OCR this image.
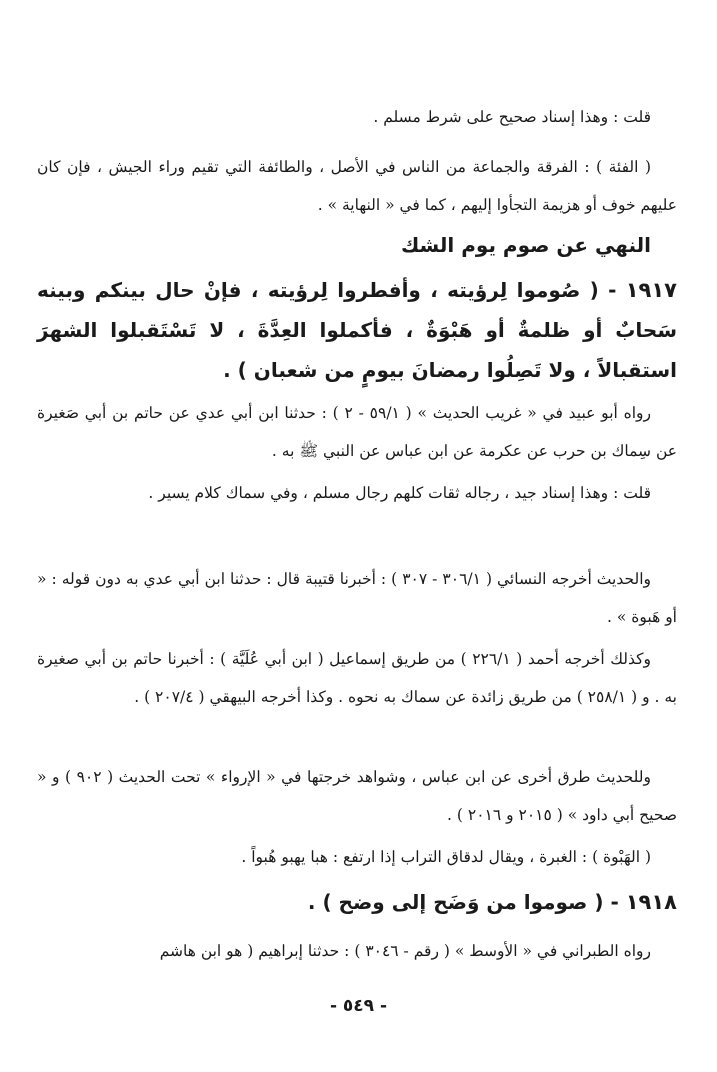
قلت : وهذا إسناد صحيح على شرط مسلم .

( الفئة ) : الفرقة والجماعة من الناس في الأصل ، والطائفة التي تقيم وراء الجيش ، فإن كان عليهم خوف أو هزيمة التجأوا إليهم ، كما في « النهاية » .

النهي عن صوم يوم الشك

١٩١٧ - ( صُوموا لِرؤيته ، وأفطروا لِرؤيته ، فإنْ حال بينكم وبينه سَحابٌ أو ظلمةٌ أو هَبْوَةٌ ، فأكملوا العِدَّةَ ، لا تَسْتَقبلوا الشهرَ استقبالاً ، ولا تَصِلُوا رمضانَ بيومٍ من شعبان ) .

رواه أبو عبيد في « غريب الحديث » ( ٥٩/١ - ٢ ) : حدثنا ابن أبي عدي عن حاتم بن أبي صَغيرة عن سِماك بن حرب عن عكرمة عن ابن عباس عن النبي ﷺ به .

قلت : وهذا إسناد جيد ، رجاله ثقات كلهم رجال مسلم ، وفي سماك كلام يسير .

والحديث أخرجه النسائي ( ٣٠٦/١ - ٣٠٧ ) : أخبرنا قتيبة قال : حدثنا ابن أبي عدي به دون قوله : « أو هَبوة » .

وكذلك أخرجه أحمد ( ٢٢٦/١ ) من طريق إسماعيل ( ابن أبي عُلَيَّة ) : أخبرنا حاتم بن أبي صغيرة به . و ( ٢٥٨/١ ) من طريق زائدة عن سماك به نحوه . وكذا أخرجه البيهقي ( ٢٠٧/٤ ) .

وللحديث طرق أخرى عن ابن عباس ، وشواهد خرجتها في « الإرواء » تحت الحديث ( ٩٠٢ ) و « صحيح أبي داود » ( ٢٠١٥ و ٢٠١٦ ) .

( الهَبْوة ) : الغبرة ، ويقال لدقاق التراب إذا ارتفع : هبا يهبو هُبواً .

١٩١٨ - ( صوموا من وَضَح إلى وضح ) .

رواه الطبراني في « الأوسط » ( رقم - ٣٠٤٦ ) : حدثنا إبراهيم ( هو ابن هاشم

- ٥٤٩ -
